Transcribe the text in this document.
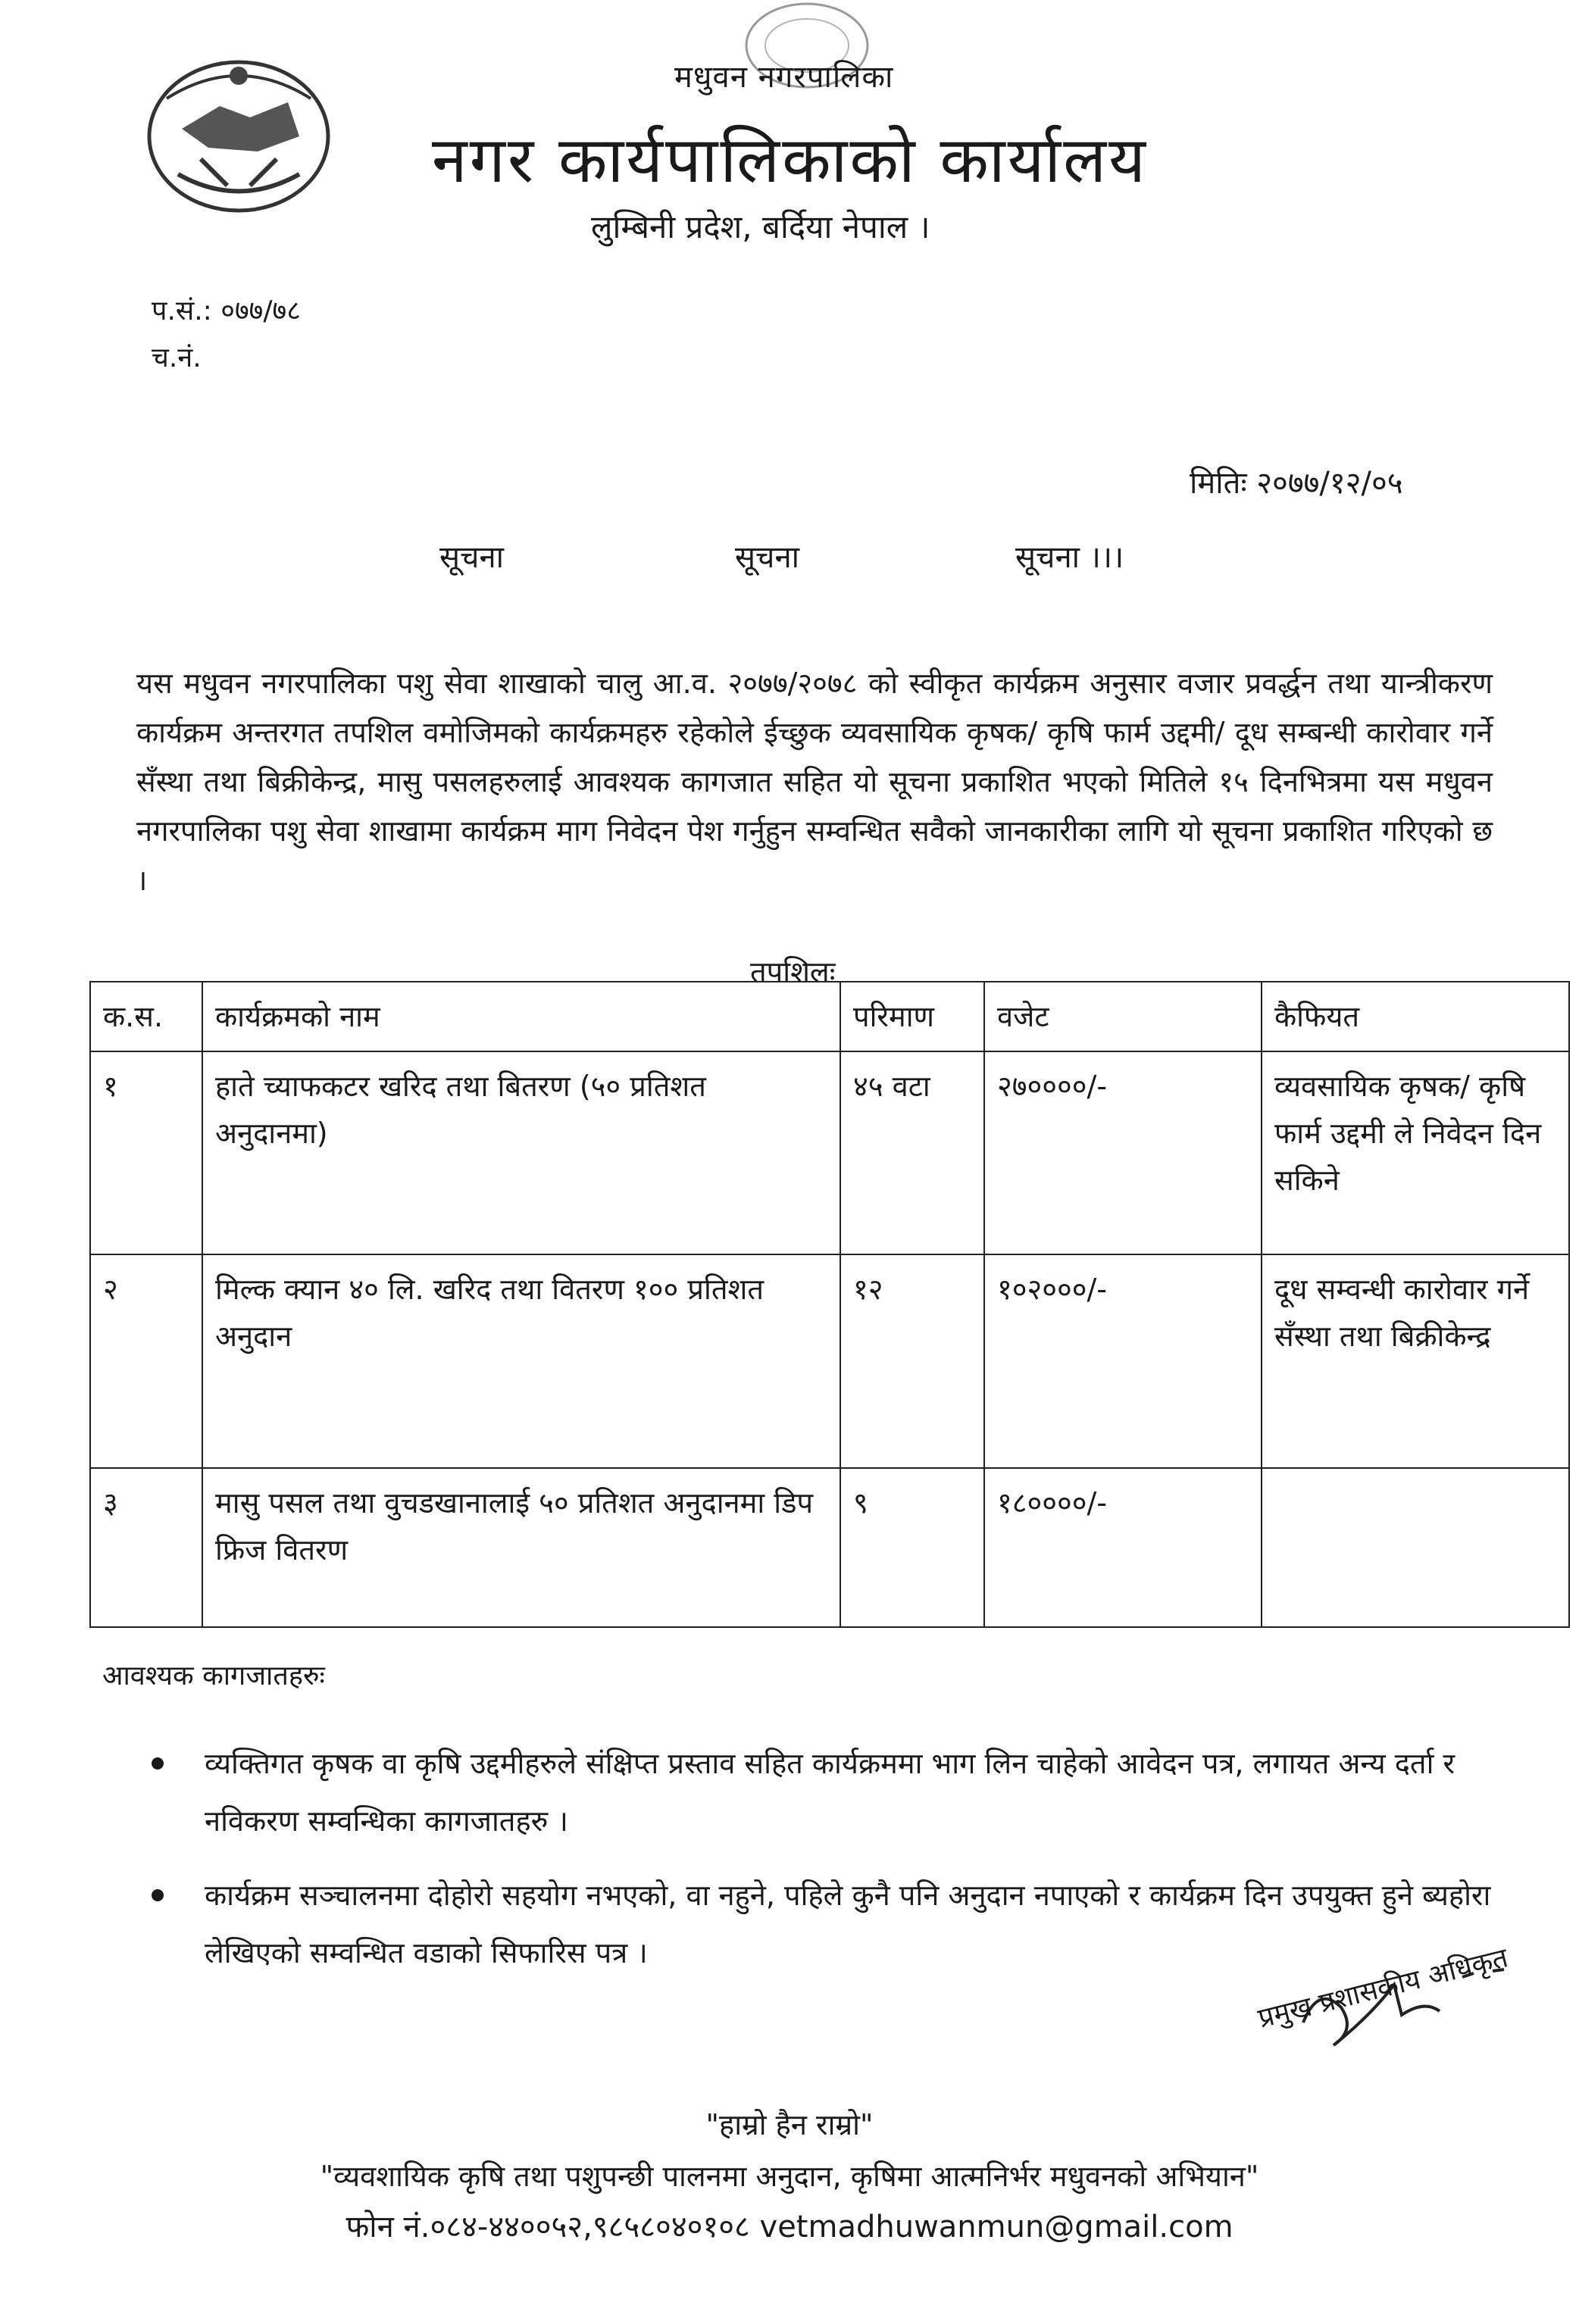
मधुवन नगरपालिका
नगर कार्यपालिकाको कार्यालय
लुम्बिनी प्रदेश, बर्दिया नेपाल ।
प.सं.: ०७७/७८
च.नं.
मितिः २०७७/१२/०५
सूचना	सूचना	सूचना ।।।
यस मधुवन नगरपालिका पशु सेवा शाखाको चालु आ.व. २०७७/२०७८ को स्वीकृत कार्यक्रम अनुसार वजार प्रवर्द्धन तथा यान्त्रीकरण कार्यक्रम अन्तरगत तपशिल वमोजिमको कार्यक्रमहरु रहेकोले ईच्छुक व्यवसायिक कृषक/ कृषि फार्म उद्दमी/ दूध सम्बन्धी कारोवार गर्ने सँस्था तथा बिक्रीकेन्द्र, मासु पसलहरुलाई आवश्यक कागजात सहित यो सूचना प्रकाशित भएको मितिले १५ दिनभित्रमा यस मधुवन नगरपालिका पशु सेवा शाखामा कार्यक्रम माग निवेदन पेश गर्नुहुन सम्वन्धित सवैको जानकारीका लागि यो सूचना प्रकाशित गरिएको छ ।
तपशिलः
क.स.	कार्यक्रमको नाम	परिमाण	वजेट	कैफियत
१	हाते च्याफकटर खरिद तथा बितरण (५० प्रतिशत अनुदानमा)	४५ वटा	२७००००/-	व्यवसायिक कृषक/ कृषि फार्म उद्दमी ले निवेदन दिन सकिने
२	मिल्क क्यान ४० लि. खरिद तथा वितरण १०० प्रतिशत अनुदान	१२	१०२०००/-	दूध सम्वन्धी कारोवार गर्ने सँस्था तथा बिक्रीकेन्द्र
३	मासु पसल तथा वुचडखानालाई ५० प्रतिशत अनुदानमा डिप फ्रिज वितरण	९	१८००००/-	
आवश्यक कागजातहरुः
व्यक्तिगत कृषक वा कृषि उद्दमीहरुले संक्षिप्त प्रस्ताव सहित कार्यक्रममा भाग लिन चाहेको आवेदन पत्र, लगायत अन्य दर्ता र नविकरण सम्वन्धिका कागजातहरु ।
कार्यक्रम सञ्चालनमा दोहोरो सहयोग नभएको, वा नहुने, पहिले कुनै पनि अनुदान नपाएको र कार्यक्रम दिन उपयुक्त हुने ब्यहोरा लेखिएको सम्वन्धित वडाको सिफारिस पत्र ।	प्रमुख प्रशासकीय अधिकृत
"हाम्रो हैन राम्रो"
"व्यवशायिक कृषि तथा पशुपन्छी पालनमा अनुदान, कृषिमा आत्मनिर्भर मधुवनको अभियान"
फोन नं.०८४-४४००५२,९८५८०४०१०८ vetmadhuwanmun@gmail.com
